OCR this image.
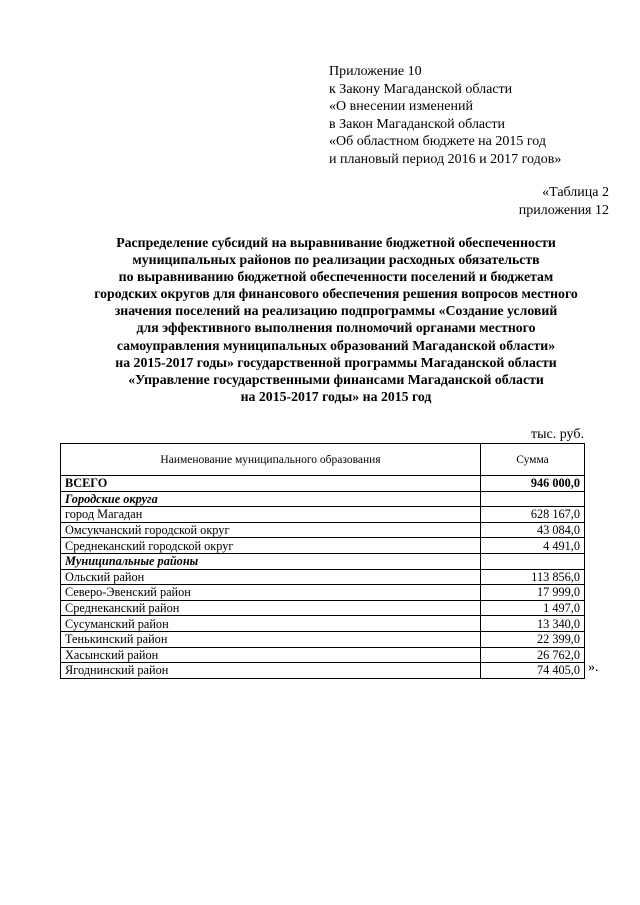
Приложение 10
к Закону Магаданской области
«О внесении изменений
в Закон Магаданской области
«Об областном бюджете на 2015 год
и плановый период 2016 и 2017 годов»
«Таблица 2
приложения 12
Распределение субсидий на выравнивание бюджетной обеспеченности
муниципальных районов по реализации расходных обязательств
по выравниванию бюджетной обеспеченности поселений и бюджетам
городских округов для финансового обеспечения решения вопросов местного
значения поселений на реализацию подпрограммы «Создание условий
для эффективного выполнения полномочий органами местного
самоуправления муниципальных образований Магаданской области»
на 2015-2017 годы» государственной программы Магаданской области
«Управление государственными финансами Магаданской области
на 2015-2017 годы» на 2015 год
тыс. руб.
Наименование муниципального образования	Сумма
ВСЕГО	946 000,0
Городские округа	
город Магадан	628 167,0
Омсукчанский городской округ	43 084,0
Среднеканский городской округ	4 491,0
Муниципальные районы	
Ольский район	113 856,0
Северо-Эвенский район	17 999,0
Среднеканский район	1 497,0
Сусуманский район	13 340,0
Тенькинский район	22 399,0
Хасынский район	26 762,0
Ягоднинский район	74 405,0 ».
